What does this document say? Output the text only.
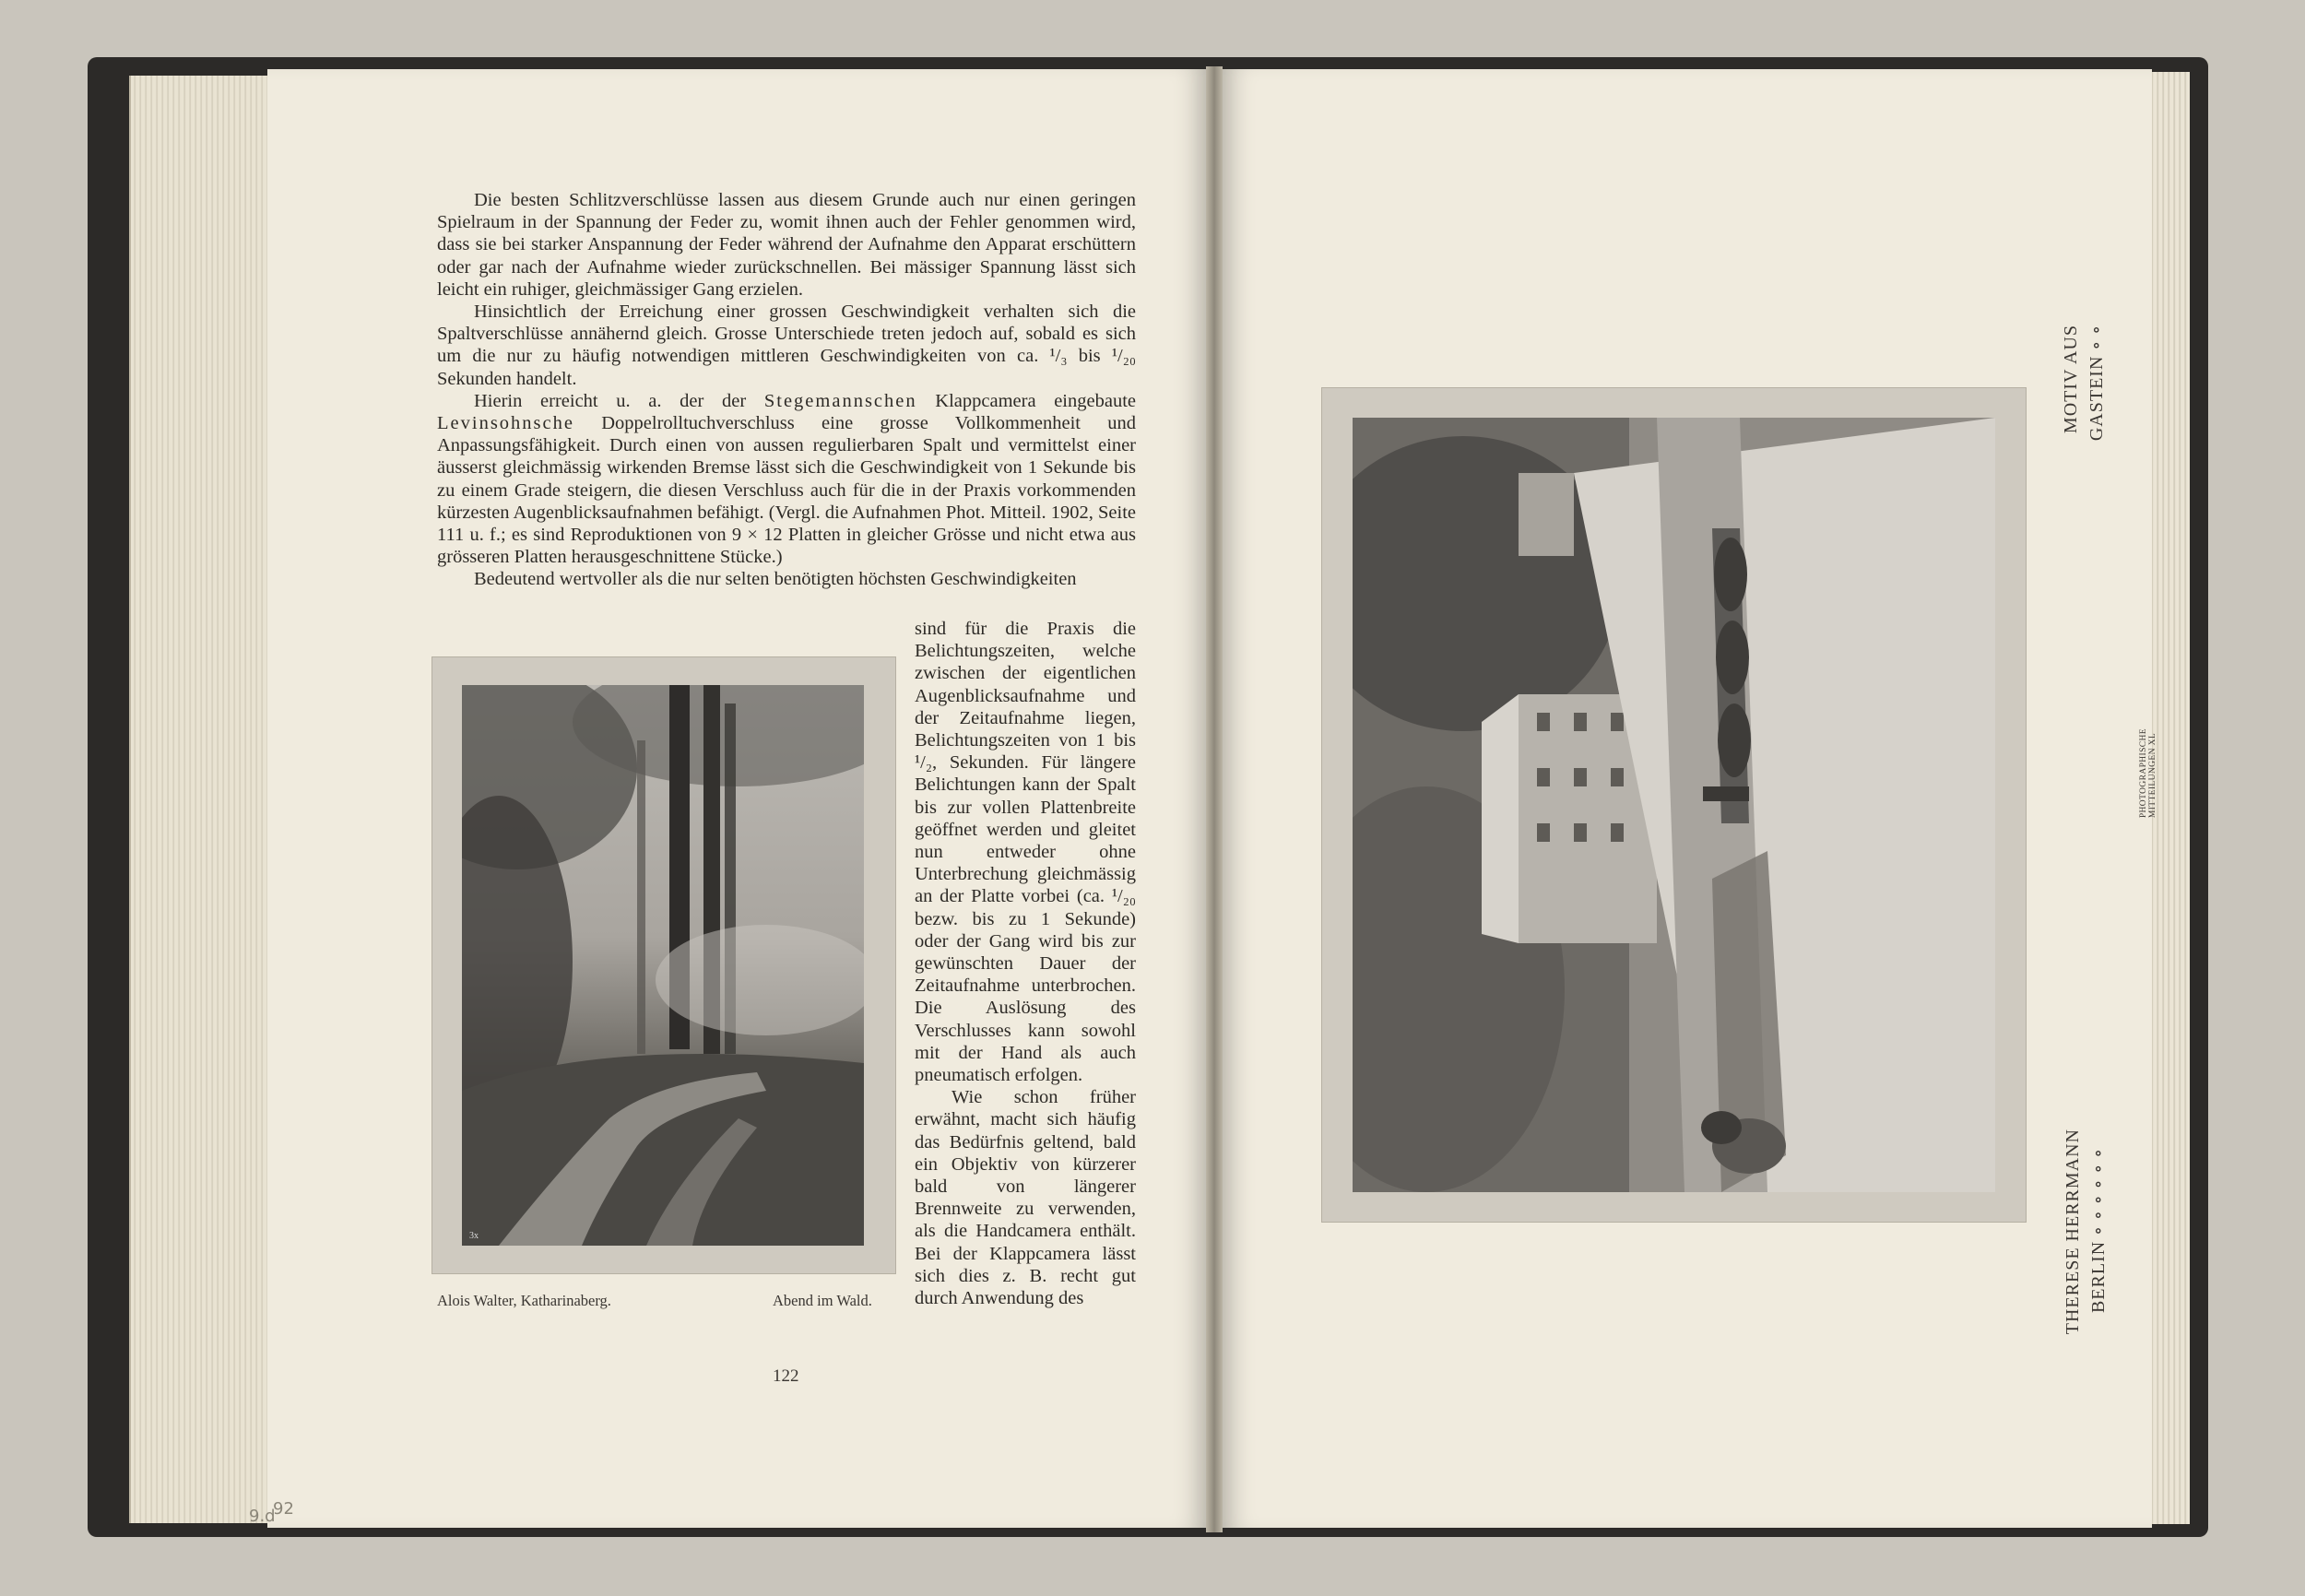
Die besten Schlitzverschlüsse lassen aus diesem Grunde auch nur einen geringen Spielraum in der Spannung der Feder zu, womit ihnen auch der Fehler genommen wird, dass sie bei starker Anspannung der Feder während der Aufnahme den Apparat erschüttern oder gar nach der Aufnahme wieder zurückschnellen. Bei mässiger Spannung lässt sich leicht ein ruhiger, gleichmässiger Gang erzielen.

Hinsichtlich der Erreichung einer grossen Geschwindigkeit verhalten sich die Spaltverschlüsse annähernd gleich. Grosse Unterschiede treten jedoch auf, sobald es sich um die nur zu häufig notwendigen mittleren Geschwindigkeiten von ca. ¹/₃ bis ¹/₂₀ Sekunden handelt.

Hierin erreicht u. a. der der Stegemannschen Klappcamera eingebaute Levinsohnsche Doppelrolltuchverschluss eine grosse Vollkommenheit und Anpassungsfähigkeit. Durch einen von aussen regulierbaren Spalt und vermittelst einer äusserst gleichmässig wirkenden Bremse lässt sich die Geschwindigkeit von 1 Sekunde bis zu einem Grade steigern, die diesen Verschluss auch für die in der Praxis vorkommenden kürzesten Augenblicksaufnahmen befähigt. (Vergl. die Aufnahmen Phot. Mitteil. 1902, Seite 111 u. f.; es sind Reproduktionen von 9 × 12 Platten in gleicher Grösse und nicht etwa aus grösseren Platten herausgeschnittene Stücke.)

Bedeutend wertvoller als die nur selten benötigten höchsten Geschwindigkeiten

sind für die Praxis die Belichtungszeiten, welche zwischen der eigentlichen Augenblicksaufnahme und der Zeitaufnahme liegen, Belichtungszeiten von 1 bis ¹/₂, Sekunden. Für längere Belichtungen kann der Spalt bis zur vollen Plattenbreite geöffnet werden und gleitet nun entweder ohne Unterbrechung gleichmässig an der Platte vorbei (ca. ¹/₂₀ bezw. bis zu 1 Sekunde) oder der Gang wird bis zur gewünschten Dauer der Zeitaufnahme unterbrochen. Die Auslösung des Verschlusses kann sowohl mit der Hand als auch pneumatisch erfolgen.

Wie schon früher erwähnt, macht sich häufig das Bedürfnis geltend, bald ein Objektiv von kürzerer bald von längerer Brennweite zu verwenden, als die Handcamera enthält. Bei der Klappcamera lässt sich dies z. B. recht gut durch Anwendung des

3x
Alois Walter, Katharinaberg.	Abend im Wald.
122
MOTIV AUS GASTEIN ∘ ∘
THERESE HERRMANN BERLIN ∘ ∘ ∘ ∘ ∘ ∘
PHOTOGRAPHISCHE MITTEILUNGEN XL
9.d
92
